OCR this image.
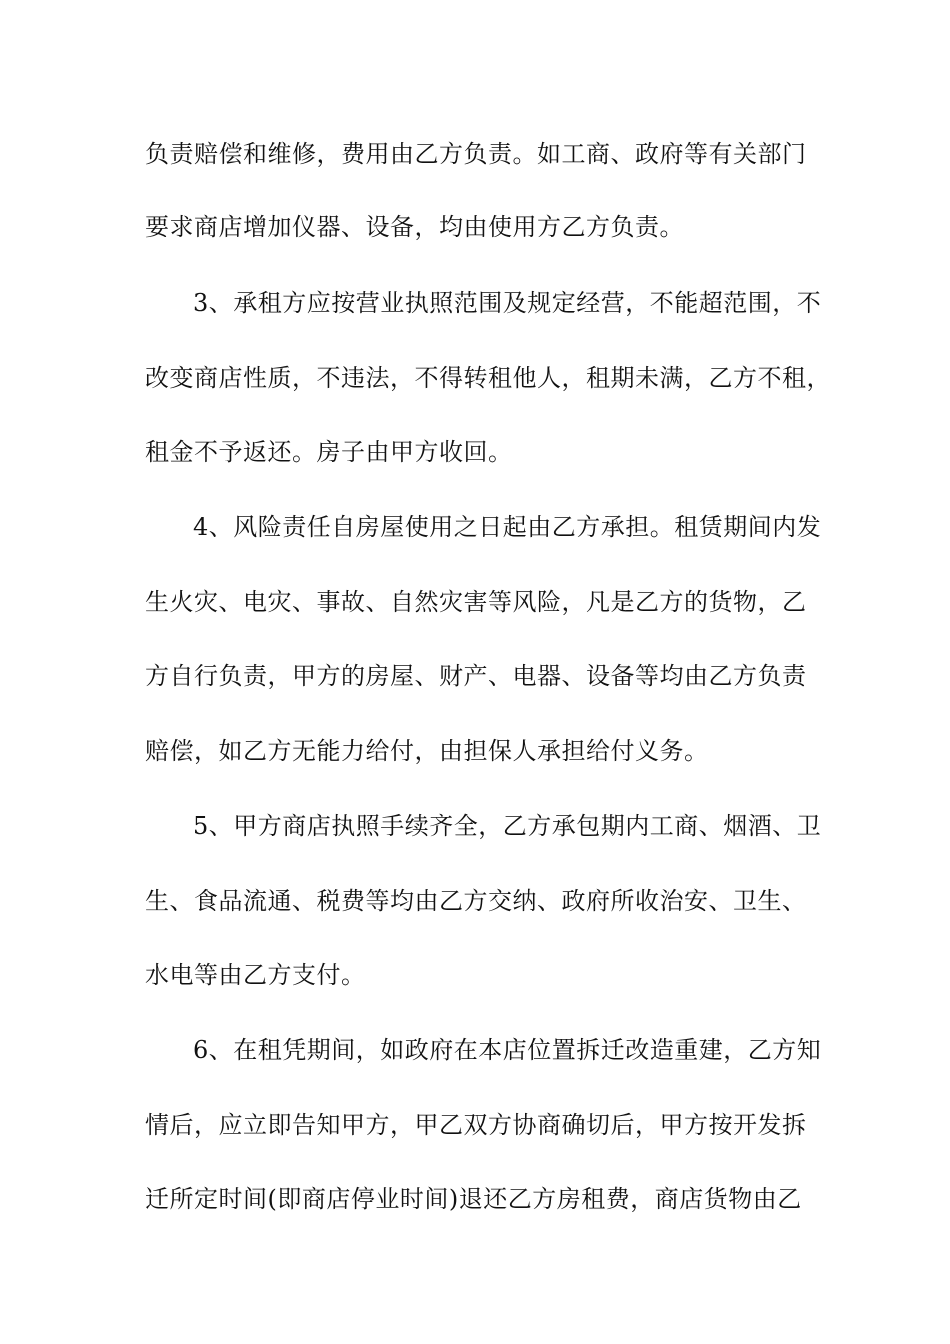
负责赔偿和维修，费用由乙方负责。如工商、政府等有关部门
要求商店增加仪器、设备，均由使用方乙方负责。
3、承租方应按营业执照范围及规定经营，不能超范围，不
改变商店性质，不违法，不得转租他人，租期未满，乙方不租，
租金不予返还。房子由甲方收回。
4、风险责任自房屋使用之日起由乙方承担。租赁期间内发
生火灾、电灾、事故、自然灾害等风险，凡是乙方的货物，乙
方自行负责，甲方的房屋、财产、电器、设备等均由乙方负责
赔偿，如乙方无能力给付，由担保人承担给付义务。
5、甲方商店执照手续齐全，乙方承包期内工商、烟酒、卫
生、食品流通、税费等均由乙方交纳、政府所收治安、卫生、
水电等由乙方支付。
6、在租凭期间，如政府在本店位置拆迁改造重建，乙方知
情后，应立即告知甲方，甲乙双方协商确切后，甲方按开发拆
迁所定时间(即商店停业时间)退还乙方房租费，商店货物由乙
